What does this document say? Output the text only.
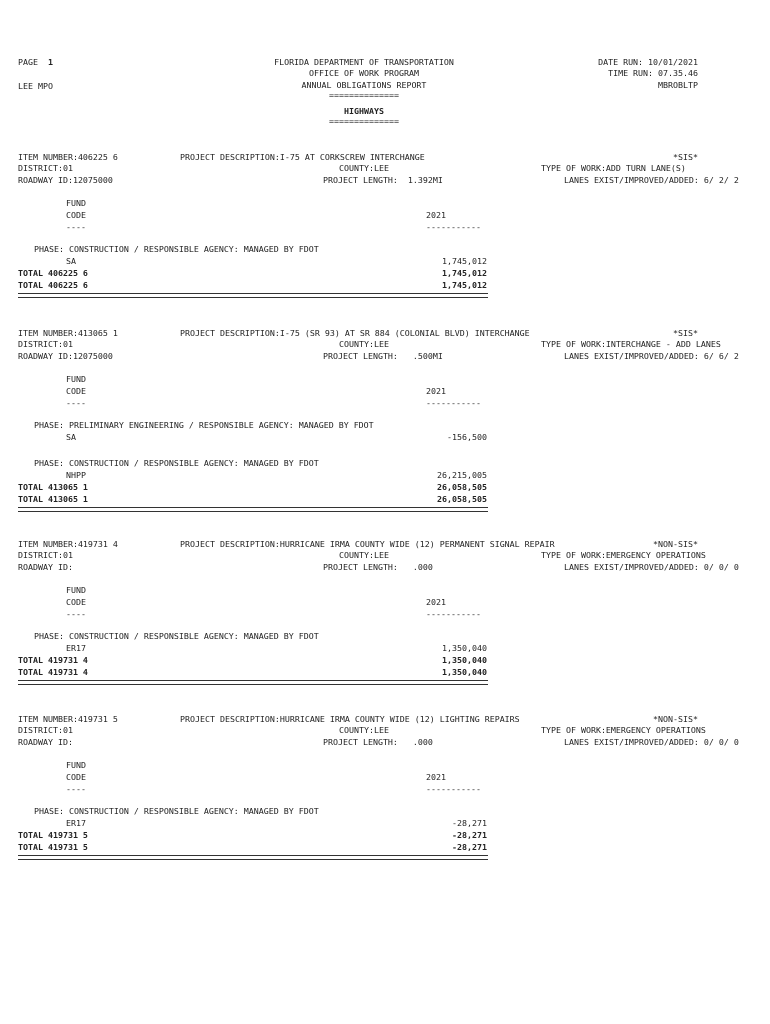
PAGE 1
LEE MPO
FLORIDA DEPARTMENT OF TRANSPORTATION
OFFICE OF WORK PROGRAM
ANNUAL OBLIGATIONS REPORT
==============
HIGHWAYS
==============
DATE RUN: 10/01/2021
TIME RUN: 07.35.46
MBROBLTP
ITEM NUMBER:406225 6
DISTRICT:01
ROADWAY ID:12075000
PROJECT DESCRIPTION:I-75 AT CORKSCREW INTERCHANGE
COUNTY:LEE
PROJECT LENGTH:  1.392MI
*SIS*
TYPE OF WORK:ADD TURN LANE(S)
LANES EXIST/IMPROVED/ADDED: 6/ 2/ 2
FUND
CODE
----
2021
-----------
PHASE: CONSTRUCTION / RESPONSIBLE AGENCY: MANAGED BY FDOT
SA	1,745,012
TOTAL 406225 6	1,745,012
TOTAL 406225 6	1,745,012
ITEM NUMBER:413065 1
DISTRICT:01
ROADWAY ID:12075000
PROJECT DESCRIPTION:I-75 (SR 93) AT SR 884 (COLONIAL BLVD) INTERCHANGE
COUNTY:LEE
PROJECT LENGTH:   .500MI
*SIS*
TYPE OF WORK:INTERCHANGE - ADD LANES
LANES EXIST/IMPROVED/ADDED: 6/ 6/ 2
FUND
CODE
----
2021
-----------
PHASE: PRELIMINARY ENGINEERING / RESPONSIBLE AGENCY: MANAGED BY FDOT
SA	-156,500
PHASE: CONSTRUCTION / RESPONSIBLE AGENCY: MANAGED BY FDOT
NHPP	26,215,005
TOTAL 413065 1	26,058,505
TOTAL 413065 1	26,058,505
ITEM NUMBER:419731 4
DISTRICT:01
ROADWAY ID:
PROJECT DESCRIPTION:HURRICANE IRMA COUNTY WIDE (12) PERMANENT SIGNAL REPAIR
COUNTY:LEE
PROJECT LENGTH:   .000
*NON-SIS*
TYPE OF WORK:EMERGENCY OPERATIONS
LANES EXIST/IMPROVED/ADDED: 0/ 0/ 0
FUND
CODE
----
2021
-----------
PHASE: CONSTRUCTION / RESPONSIBLE AGENCY: MANAGED BY FDOT
ER17	1,350,040
TOTAL 419731 4	1,350,040
TOTAL 419731 4	1,350,040
ITEM NUMBER:419731 5
DISTRICT:01
ROADWAY ID:
PROJECT DESCRIPTION:HURRICANE IRMA COUNTY WIDE (12) LIGHTING REPAIRS
COUNTY:LEE
PROJECT LENGTH:   .000
*NON-SIS*
TYPE OF WORK:EMERGENCY OPERATIONS
LANES EXIST/IMPROVED/ADDED: 0/ 0/ 0
FUND
CODE
----
2021
-----------
PHASE: CONSTRUCTION / RESPONSIBLE AGENCY: MANAGED BY FDOT
ER17	-28,271
TOTAL 419731 5	-28,271
TOTAL 419731 5	-28,271
